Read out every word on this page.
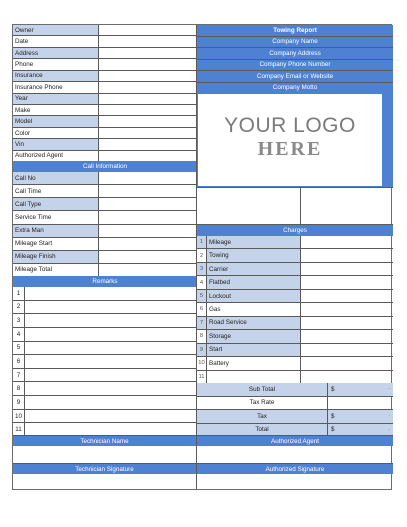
Owner
Date
Address
Phone
Insurance
Insurance Phone
Year
Make
Model
Color
Vin
Authorized Agent
Towing Report
Company Name
Company Address
Company Phone Number
Company Email or Website
Company Motto
Call Information
Call No
Call Time
Call Type
Service Time
Extra Man
Mileage Start
Mileage Finish
Mileage Total
Charges
1 Mileage
2 Towing
3 Carrier
4 Flatbed
5 Lockout
6 Gas
7 Road Service
8 Storage
9 Start
10 Battery
11
Sub Total	$	-
Tax Rate
Tax	$	-
Total	$	-
Remarks
1
2
3
4
5
6
7
8
9
10
11
Technician Name	Authorized Agent
Technician Signature	Authorized Signature
YOUR LOGO
HERE
